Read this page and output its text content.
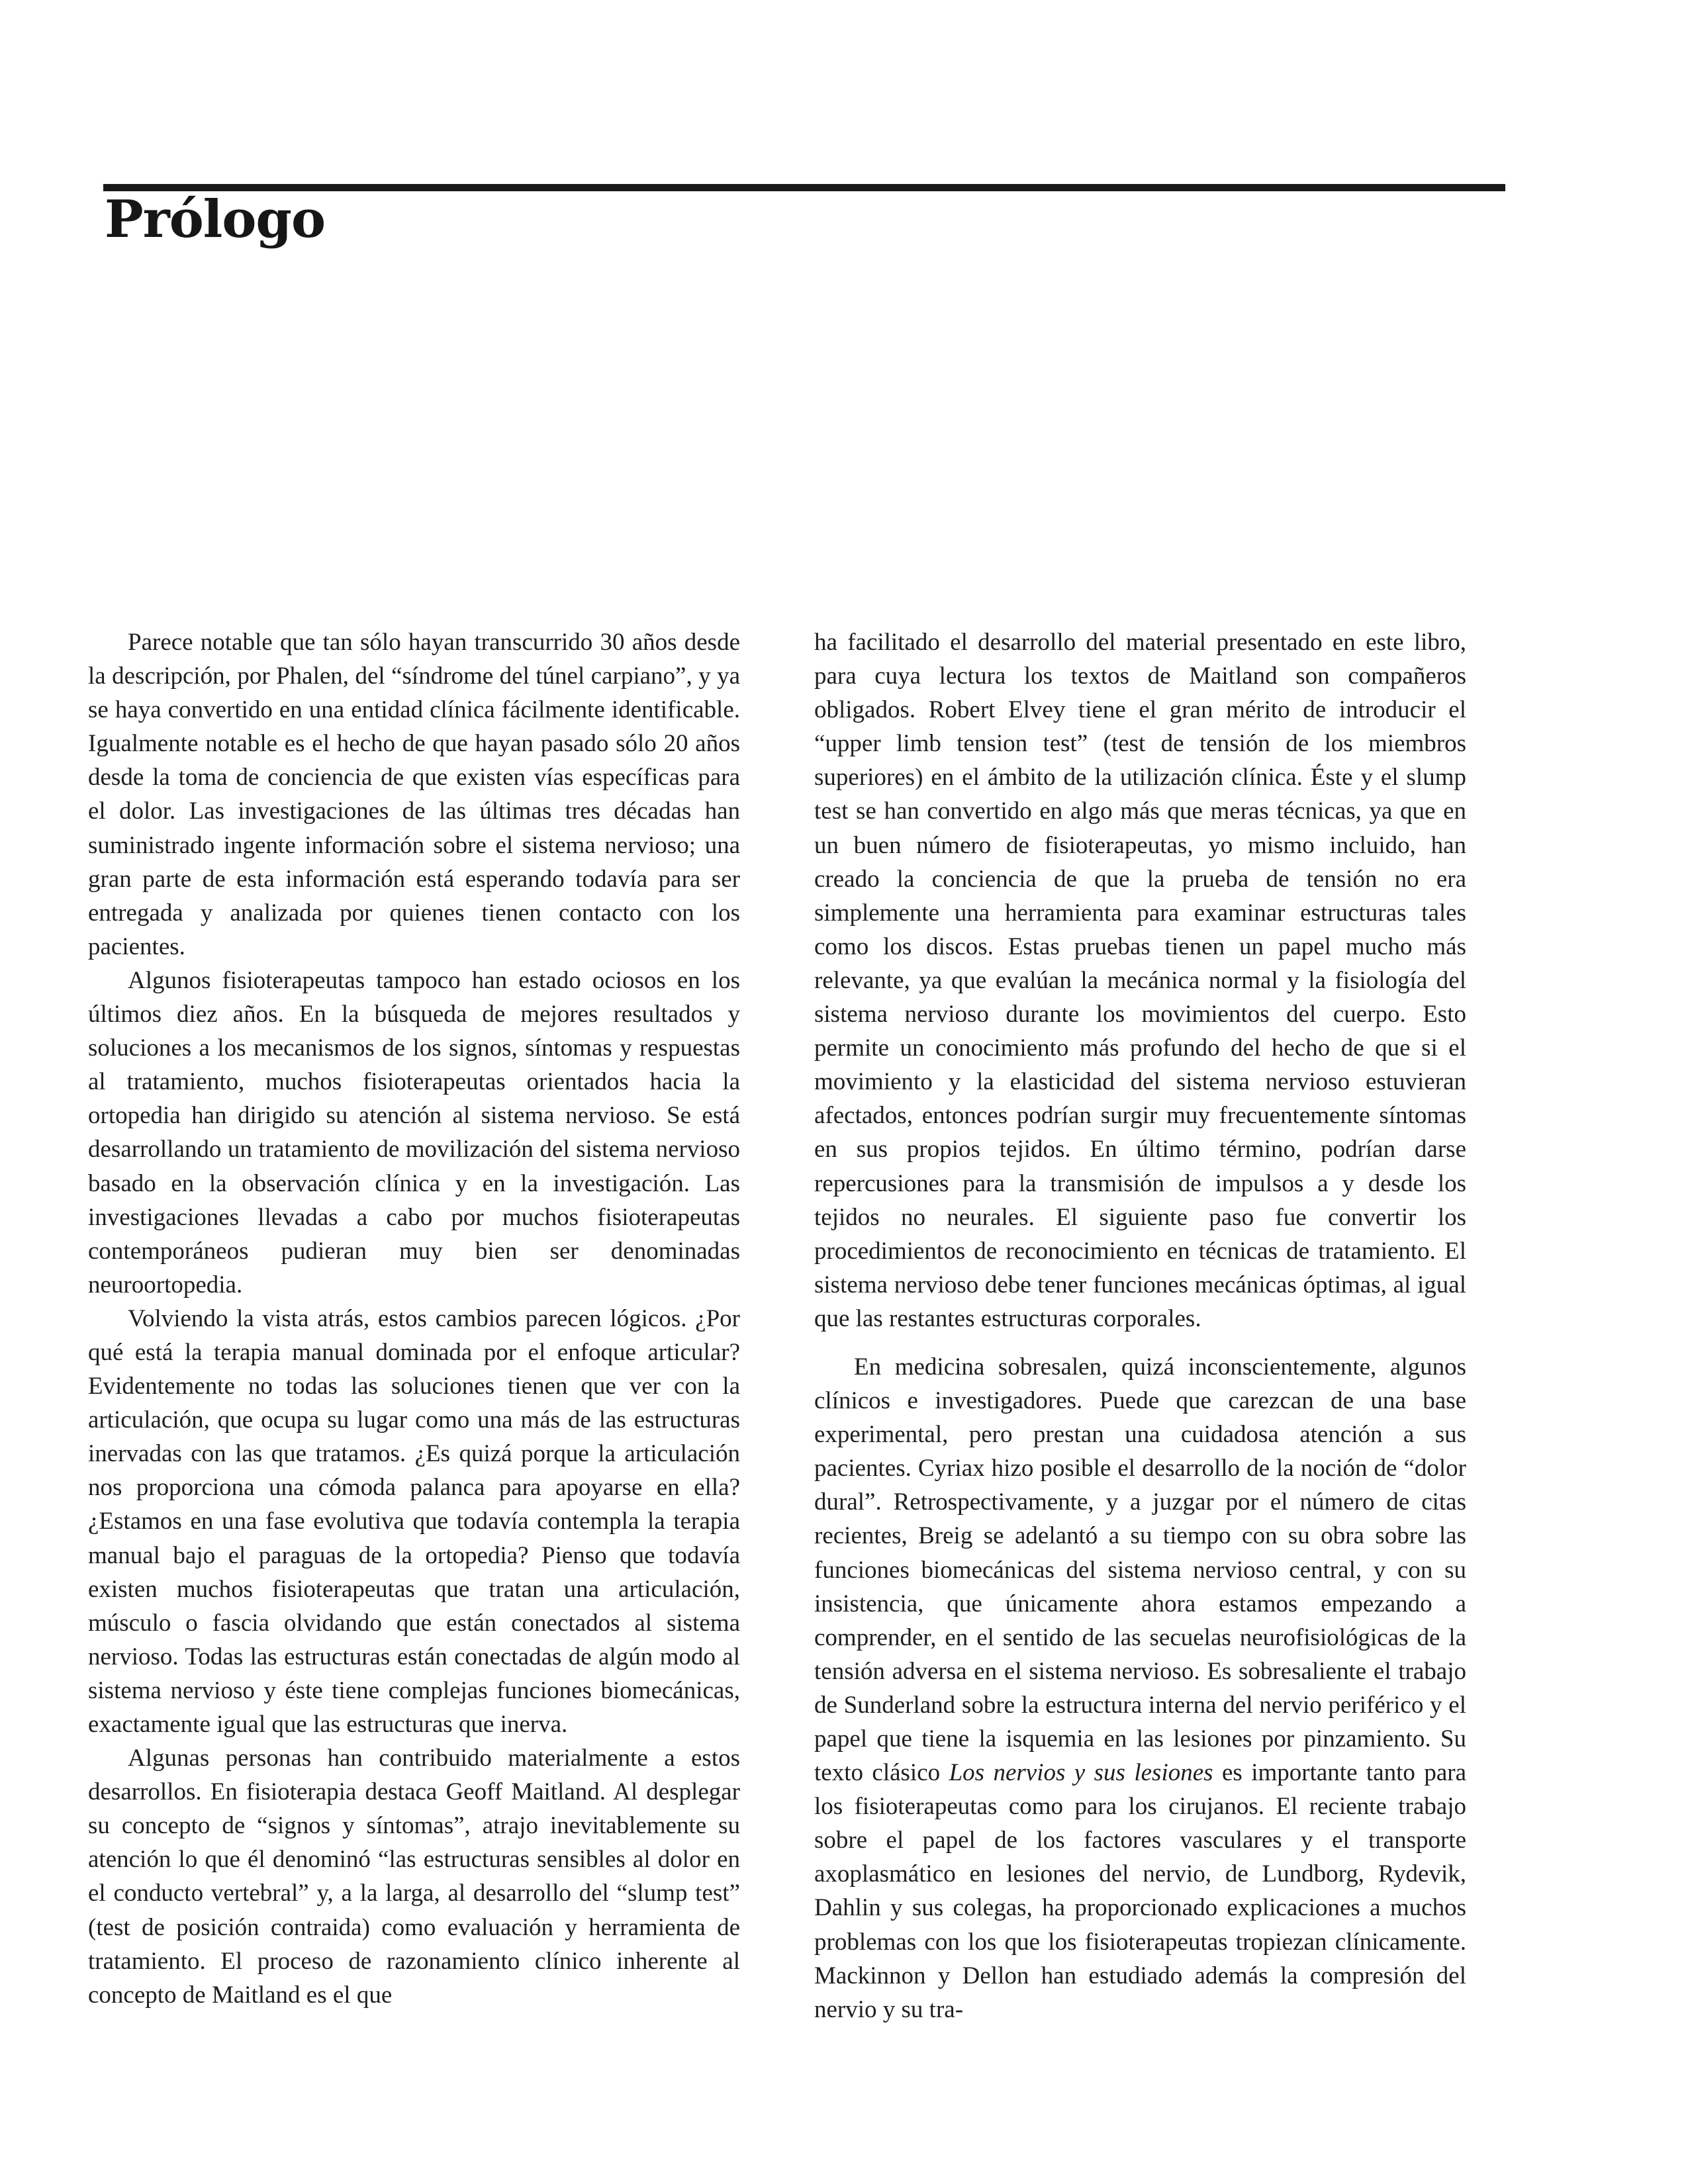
Prólogo

Parece notable que tan sólo hayan transcurrido 30 años desde la descripción, por Phalen, del “síndrome del túnel carpiano”, y ya se haya convertido en una entidad clínica fácilmente identificable. Igualmente notable es el hecho de que hayan pasado sólo 20 años desde la toma de conciencia de que existen vías específicas para el dolor. Las investigaciones de las últimas tres décadas han suministrado ingente información sobre el sistema nervioso; una gran parte de esta información está esperando todavía para ser entregada y analizada por quienes tienen contacto con los pacientes.

Algunos fisioterapeutas tampoco han estado ociosos en los últimos diez años. En la búsqueda de mejores resultados y soluciones a los mecanismos de los signos, síntomas y respuestas al tratamiento, muchos fisioterapeutas orientados hacia la ortopedia han dirigido su atención al sistema nervioso. Se está desarrollando un tratamiento de movilización del sistema nervioso basado en la observación clínica y en la investigación. Las investigaciones llevadas a cabo por muchos fisioterapeutas contemporáneos pudieran muy bien ser denominadas neuroortopedia.

Volviendo la vista atrás, estos cambios parecen lógicos. ¿Por qué está la terapia manual dominada por el enfoque articular? Evidentemente no todas las soluciones tienen que ver con la articulación, que ocupa su lugar como una más de las estructuras inervadas con las que tratamos. ¿Es quizá porque la articulación nos proporciona una cómoda palanca para apoyarse en ella? ¿Estamos en una fase evolutiva que todavía contempla la terapia manual bajo el paraguas de la ortopedia? Pienso que todavía existen muchos fisioterapeutas que tratan una articulación, músculo o fascia olvidando que están conectados al sistema nervioso. Todas las estructuras están conectadas de algún modo al sistema nervioso y éste tiene complejas funciones biomecánicas, exactamente igual que las estructuras que inerva.

Algunas personas han contribuido materialmente a estos desarrollos. En fisioterapia destaca Geoff Maitland. Al desplegar su concepto de “signos y síntomas”, atrajo inevitablemente su atención lo que él denominó “las estructuras sensibles al dolor en el conducto vertebral” y, a la larga, al desarrollo del “slump test” (test de posición contraida) como evaluación y herramienta de tratamiento. El proceso de razonamiento clínico inherente al concepto de Maitland es el que

ha facilitado el desarrollo del material presentado en este libro, para cuya lectura los textos de Maitland son compañeros obligados. Robert Elvey tiene el gran mérito de introducir el “upper limb tension test” (test de tensión de los miembros superiores) en el ámbito de la utilización clínica. Éste y el slump test se han convertido en algo más que meras técnicas, ya que en un buen número de fisioterapeutas, yo mismo incluido, han creado la conciencia de que la prueba de tensión no era simplemente una herramienta para examinar estructuras tales como los discos. Estas pruebas tienen un papel mucho más relevante, ya que evalúan la mecánica normal y la fisiología del sistema nervioso durante los movimientos del cuerpo. Esto permite un conocimiento más profundo del hecho de que si el movimiento y la elasticidad del sistema nervioso estuvieran afectados, entonces podrían surgir muy frecuentemente síntomas en sus propios tejidos. En último término, podrían darse repercusiones para la transmisión de impulsos a y desde los tejidos no neurales. El siguiente paso fue convertir los procedimientos de reconocimiento en técnicas de tratamiento. El sistema nervioso debe tener funciones mecánicas óptimas, al igual que las restantes estructuras corporales.

En medicina sobresalen, quizá inconscientemente, algunos clínicos e investigadores. Puede que carezcan de una base experimental, pero prestan una cuidadosa atención a sus pacientes. Cyriax hizo posible el desarrollo de la noción de “dolor dural”. Retrospectivamente, y a juzgar por el número de citas recientes, Breig se adelantó a su tiempo con su obra sobre las funciones biomecánicas del sistema nervioso central, y con su insistencia, que únicamente ahora estamos empezando a comprender, en el sentido de las secuelas neurofisiológicas de la tensión adversa en el sistema nervioso. Es sobresaliente el trabajo de Sunderland sobre la estructura interna del nervio periférico y el papel que tiene la isquemia en las lesiones por pinzamiento. Su texto clásico Los nervios y sus lesiones es importante tanto para los fisioterapeutas como para los cirujanos. El reciente trabajo sobre el papel de los factores vasculares y el transporte axoplasmático en lesiones del nervio, de Lundborg, Rydevik, Dahlin y sus colegas, ha proporcionado explicaciones a muchos problemas con los que los fisioterapeutas tropiezan clínicamente. Mackinnon y Dellon han estudiado además la compresión del nervio y su tra-
